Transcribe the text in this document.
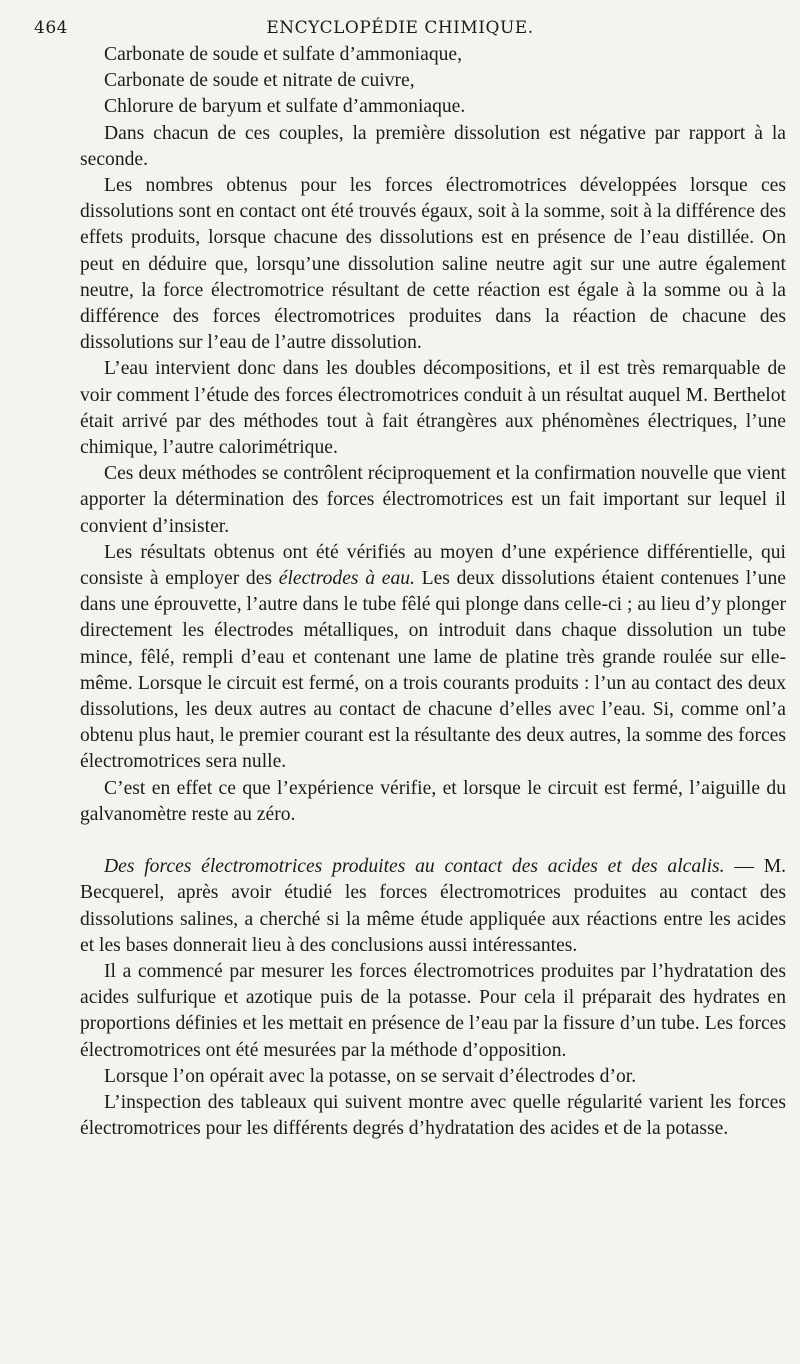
464	ENCYCLOPÉDIE CHIMIQUE.

Carbonate de soude et sulfate d’ammoniaque,

Carbonate de soude et nitrate de cuivre,

Chlorure de baryum et sulfate d’ammoniaque.

Dans chacun de ces couples, la première dissolution est négative par rapport à la seconde.

Les nombres obtenus pour les forces électromotrices développées lorsque ces dissolutions sont en contact ont été trouvés égaux, soit à la somme, soit à la différence des effets produits, lorsque chacune des dissolutions est en présence de l’eau distillée. On peut en déduire que, lorsqu’une dissolution saline neutre agit sur une autre également neutre, la force électromotrice résultant de cette réaction est égale à la somme ou à la différence des forces électromotrices produites dans la réaction de chacune des dissolutions sur l’eau de l’autre dissolution.

L’eau intervient donc dans les doubles décompositions, et il est très remarquable de voir comment l’étude des forces électromotrices conduit à un résultat auquel M. Berthelot était arrivé par des méthodes tout à fait étrangères aux phénomènes électriques, l’une chimique, l’autre calorimétrique.

Ces deux méthodes se contrôlent réciproquement et la confirmation nouvelle que vient apporter la détermination des forces électromotrices est un fait important sur lequel il convient d’insister.

Les résultats obtenus ont été vérifiés au moyen d’une expérience différentielle, qui consiste à employer des électrodes à eau. Les deux dissolutions étaient contenues l’une dans une éprouvette, l’autre dans le tube fêlé qui plonge dans celle-ci ; au lieu d’y plonger directement les électrodes métalliques, on introduit dans chaque dissolution un tube mince, fêlé, rempli d’eau et contenant une lame de platine très grande roulée sur elle-même. Lorsque le circuit est fermé, on a trois courants produits : l’un au contact des deux dissolutions, les deux autres au contact de chacune d’elles avec l’eau. Si, comme onl’a obtenu plus haut, le premier courant est la résultante des deux autres, la somme des forces électromotrices sera nulle.

C’est en effet ce que l’expérience vérifie, et lorsque le circuit est fermé, l’aiguille du galvanomètre reste au zéro.

Des forces électromotrices produites au contact des acides et des alcalis. — M. Becquerel, après avoir étudié les forces électromotrices produites au contact des dissolutions salines, a cherché si la même étude appliquée aux réactions entre les acides et les bases donnerait lieu à des conclusions aussi intéressantes.

Il a commencé par mesurer les forces électromotrices produites par l’hydratation des acides sulfurique et azotique puis de la potasse. Pour cela il préparait des hydrates en proportions définies et les mettait en présence de l’eau par la fissure d’un tube. Les forces électromotrices ont été mesurées par la méthode d’opposition.

Lorsque l’on opérait avec la potasse, on se servait d’électrodes d’or.

L’inspection des tableaux qui suivent montre avec quelle régularité varient les forces électromotrices pour les différents degrés d’hydratation des acides et de la potasse.
